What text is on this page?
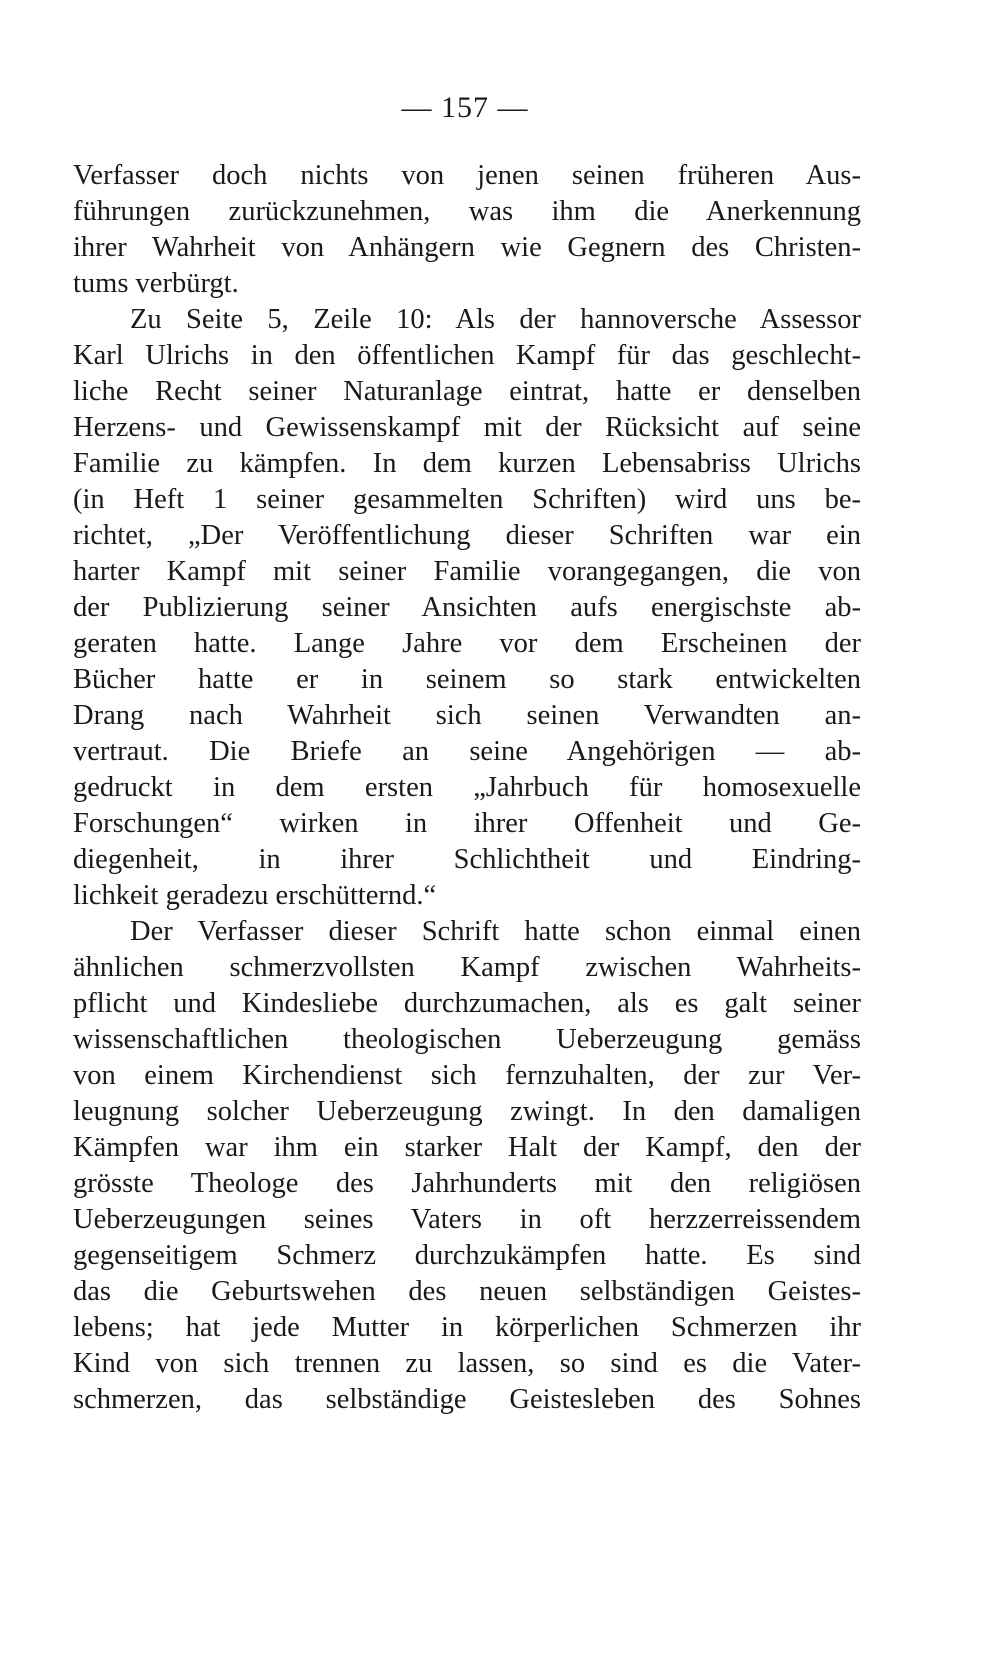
— 157 —
Verfasser doch nichts von jenen seinen früheren Aus-
führungen zurückzunehmen, was ihm die Anerkennung
ihrer Wahrheit von Anhängern wie Gegnern des Christen-
tums verbürgt.
Zu Seite 5, Zeile 10: Als der hannoversche Assessor
Karl Ulrichs in den öffentlichen Kampf für das geschlecht-
liche Recht seiner Naturanlage eintrat, hatte er denselben
Herzens- und Gewissenskampf mit der Rücksicht auf seine
Familie zu kämpfen. In dem kurzen Lebensabriss Ulrichs
(in Heft 1 seiner gesammelten Schriften) wird uns be-
richtet, „Der Veröffentlichung dieser Schriften war ein
harter Kampf mit seiner Familie vorangegangen, die von
der Publizierung seiner Ansichten aufs energischste ab-
geraten hatte. Lange Jahre vor dem Erscheinen der
Bücher hatte er in seinem so stark entwickelten
Drang nach Wahrheit sich seinen Verwandten an-
vertraut. Die Briefe an seine Angehörigen — ab-
gedruckt in dem ersten „Jahrbuch für homosexuelle
Forschungen“ wirken in ihrer Offenheit und Ge-
diegenheit, in ihrer Schlichtheit und Eindring-
lichkeit geradezu erschütternd.“
Der Verfasser dieser Schrift hatte schon einmal einen
ähnlichen schmerzvollsten Kampf zwischen Wahrheits-
pflicht und Kindesliebe durchzumachen, als es galt seiner
wissenschaftlichen theologischen Ueberzeugung gemäss
von einem Kirchendienst sich fernzuhalten, der zur Ver-
leugnung solcher Ueberzeugung zwingt. In den damaligen
Kämpfen war ihm ein starker Halt der Kampf, den der
grösste Theologe des Jahrhunderts mit den religiösen
Ueberzeugungen seines Vaters in oft herzzerreissendem
gegenseitigem Schmerz durchzukämpfen hatte. Es sind
das die Geburtswehen des neuen selbständigen Geistes-
lebens; hat jede Mutter in körperlichen Schmerzen ihr
Kind von sich trennen zu lassen, so sind es die Vater-
schmerzen, das selbständige Geistesleben des Sohnes
